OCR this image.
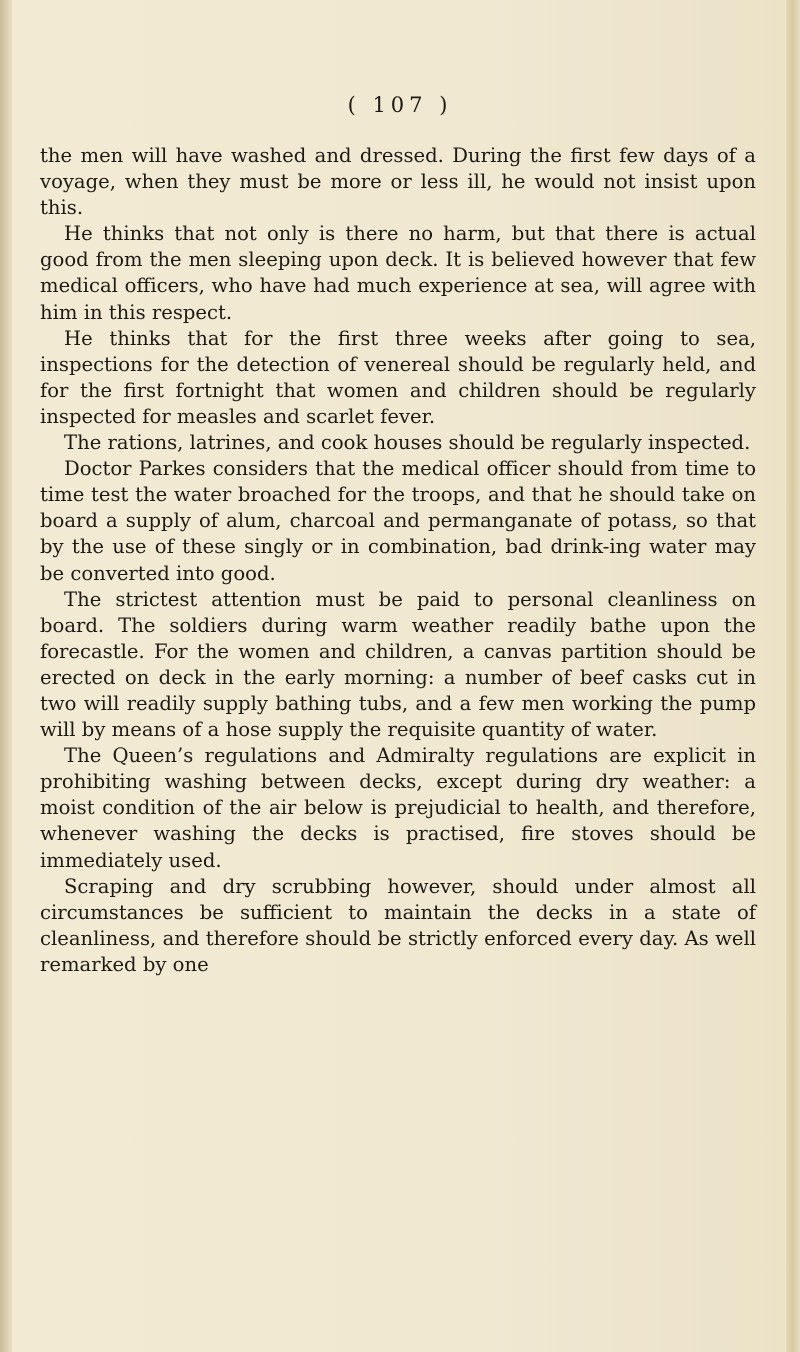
( 107 )

the men will have washed and dressed. During the first few days of a voyage, when they must be more or less ill, he would not insist upon this.

He thinks that not only is there no harm, but that there is actual good from the men sleeping upon deck. It is believed however that few medical officers, who have had much experience at sea, will agree with him in this respect.

He thinks that for the first three weeks after going to sea, inspections for the detection of venereal should be regularly held, and for the first fortnight that women and children should be regularly inspected for measles and scarlet fever.

The rations, latrines, and cook houses should be regularly inspected.

Doctor Parkes considers that the medical officer should from time to time test the water broached for the troops, and that he should take on board a supply of alum, charcoal and permanganate of potass, so that by the use of these singly or in combination, bad drink-ing water may be converted into good.

The strictest attention must be paid to personal cleanliness on board. The soldiers during warm weather readily bathe upon the forecastle. For the women and children, a canvas partition should be erected on deck in the early morning: a number of beef casks cut in two will readily supply bathing tubs, and a few men working the pump will by means of a hose supply the requisite quantity of water.

The Queen’s regulations and Admiralty regulations are explicit in prohibiting washing between decks, except during dry weather: a moist condition of the air below is prejudicial to health, and therefore, whenever washing the decks is practised, fire stoves should be immediately used.

Scraping and dry scrubbing however, should under almost all circumstances be sufficient to maintain the decks in a state of cleanliness, and therefore should be strictly enforced every day. As well remarked by one
